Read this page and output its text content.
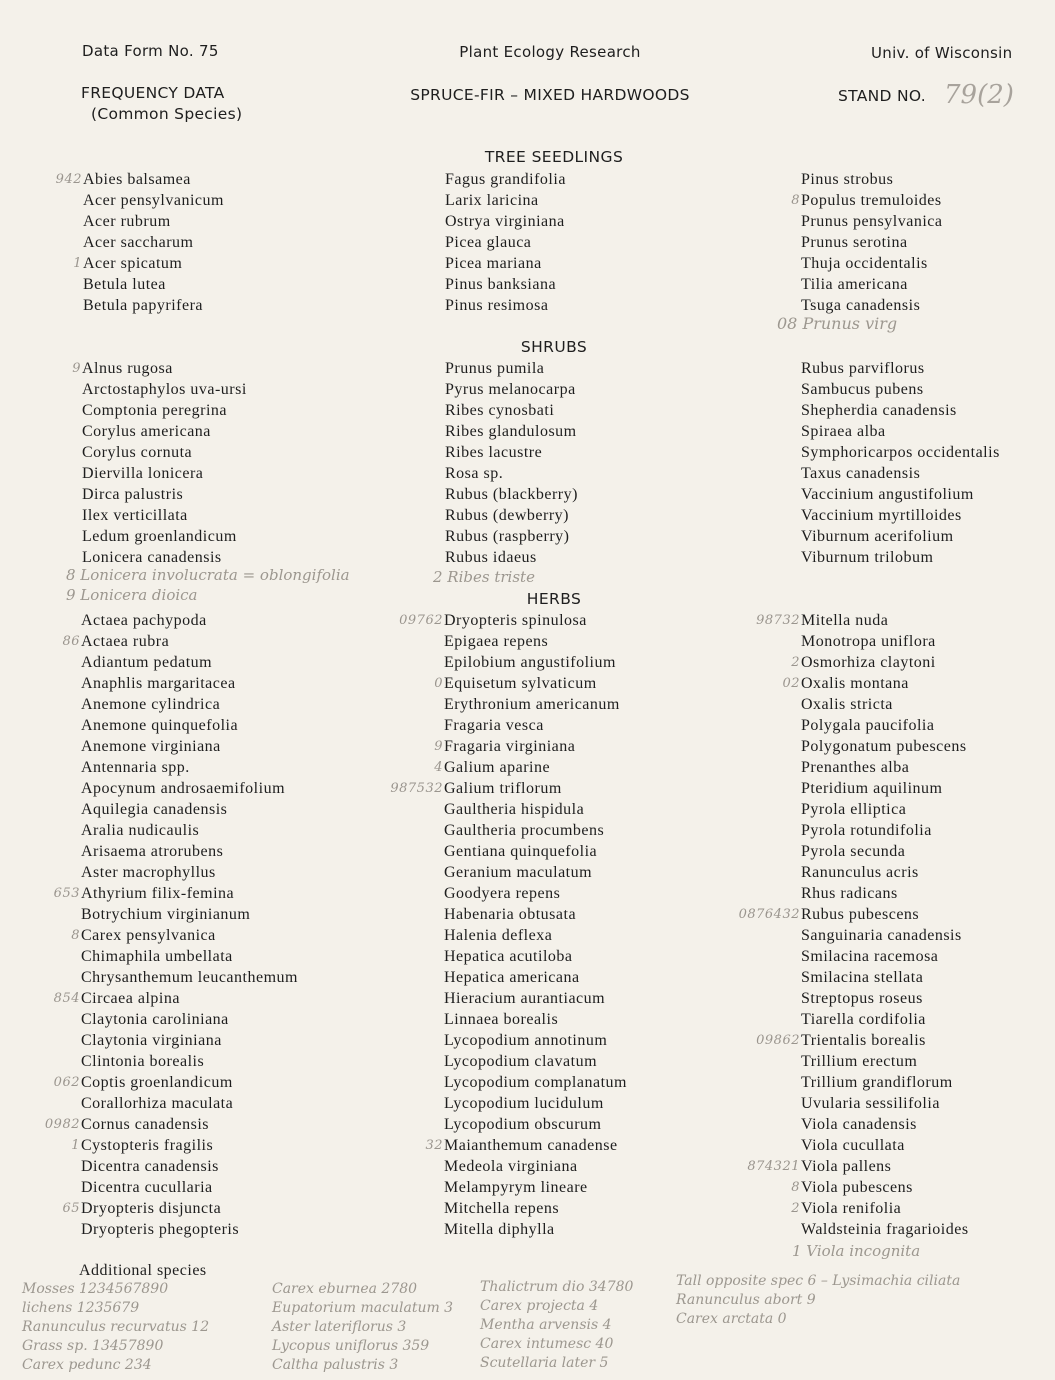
Data Form No. 75	Plant Ecology Research	Univ. of Wisconsin
FREQUENCY DATA
(Common Species)
SPRUCE-FIR – MIXED HARDWOODS	STAND NO. 79(2)
TREE SEEDLINGS
942 Abies balsamea
Acer pensylvanicum
Acer rubrum
Acer saccharum
1 Acer spicatum
Betula lutea
Betula papyrifera
Fagus grandifolia
Larix laricina
Ostrya virginiana
Picea glauca
Picea mariana
Pinus banksiana
Pinus resimosa
Pinus strobus
8 Populus tremuloides
Prunus pensylvanica
Prunus serotina
Thuja occidentalis
Tilia americana
Tsuga canadensis
08 Prunus virg
SHRUBS
9 Alnus rugosa
Arctostaphylos uva-ursi
Comptonia peregrina
Corylus americana
Corylus cornuta
Diervilla lonicera
Dirca palustris
Ilex verticillata
Ledum groenlandicum
Lonicera canadensis
Prunus pumila
Pyrus melanocarpa
Ribes cynosbati
Ribes glandulosum
Ribes lacustre
Rosa sp.
Rubus (blackberry)
Rubus (dewberry)
Rubus (raspberry)
Rubus idaeus
Rubus parviflorus
Sambucus pubens
Shepherdia canadensis
Spiraea alba
Symphoricarpos occidentalis
Taxus canadensis
Vaccinium angustifolium
Vaccinium myrtilloides
Viburnum acerifolium
Viburnum trilobum
8 Lonicera involucrata = oblongifolia
9 Lonicera dioica
2 Ribes triste
HERBS
Actaea pachypoda
86 Actaea rubra
Adiantum pedatum
Anaphlis margaritacea
Anemone cylindrica
Anemone quinquefolia
Anemone virginiana
Antennaria spp.
Apocynum androsaemifolium
Aquilegia canadensis
Aralia nudicaulis
Arisaema atrorubens
Aster macrophyllus
653 Athyrium filix-femina
Botrychium virginianum
8 Carex pensylvanica
Chimaphila umbellata
Chrysanthemum leucanthemum
854 Circaea alpina
Claytonia caroliniana
Claytonia virginiana
Clintonia borealis
062 Coptis groenlandicum
Corallorhiza maculata
0982 Cornus canadensis
1 Cystopteris fragilis
Dicentra canadensis
Dicentra cucullaria
65 Dryopteris disjuncta
Dryopteris phegopteris
09762 Dryopteris spinulosa
Epigaea repens
Epilobium angustifolium
0 Equisetum sylvaticum
Erythronium americanum
Fragaria vesca
9 Fragaria virginiana
4 Galium aparine
987532 Galium triflorum
Gaultheria hispidula
Gaultheria procumbens
Gentiana quinquefolia
Geranium maculatum
Goodyera repens
Habenaria obtusata
Halenia deflexa
Hepatica acutiloba
Hepatica americana
Hieracium aurantiacum
Linnaea borealis
Lycopodium annotinum
Lycopodium clavatum
Lycopodium complanatum
Lycopodium lucidulum
Lycopodium obscurum
32 Maianthemum canadense
Medeola virginiana
Melampyrym lineare
Mitchella repens
Mitella diphylla
98732 Mitella nuda
Monotropa uniflora
2 Osmorhiza claytoni
02 Oxalis montana
Oxalis stricta
Polygala paucifolia
Polygonatum pubescens
Prenanthes alba
Pteridium aquilinum
Pyrola elliptica
Pyrola rotundifolia
Pyrola secunda
Ranunculus acris
Rhus radicans
0876432 Rubus pubescens
Sanguinaria canadensis
Smilacina racemosa
Smilacina stellata
Streptopus roseus
Tiarella cordifolia
09862 Trientalis borealis
Trillium erectum
Trillium grandiflorum
Uvularia sessilifolia
Viola canadensis
Viola cucullata
874321 Viola pallens
8 Viola pubescens
2 Viola renifolia
Waldsteinia fragarioides
1 Viola incognita
Additional species
Mosses 1234567890
lichens 1235679
Ranunculus recurvatus 12
Grass sp. 13457890
Carex pedunc 234
Carex eburnea 2780
Eupatorium maculatum 3
Aster lateriflorus 3
Lycopus uniflorus 359
Caltha palustris 3
Thalictrum dio 34780
Carex projecta 4
Mentha arvensis 4
Carex intumesc 40
Scutellaria later 5
Tall opposite spec 6 – Lysimachia ciliata
Ranunculus abort 9
Carex arctata 0
